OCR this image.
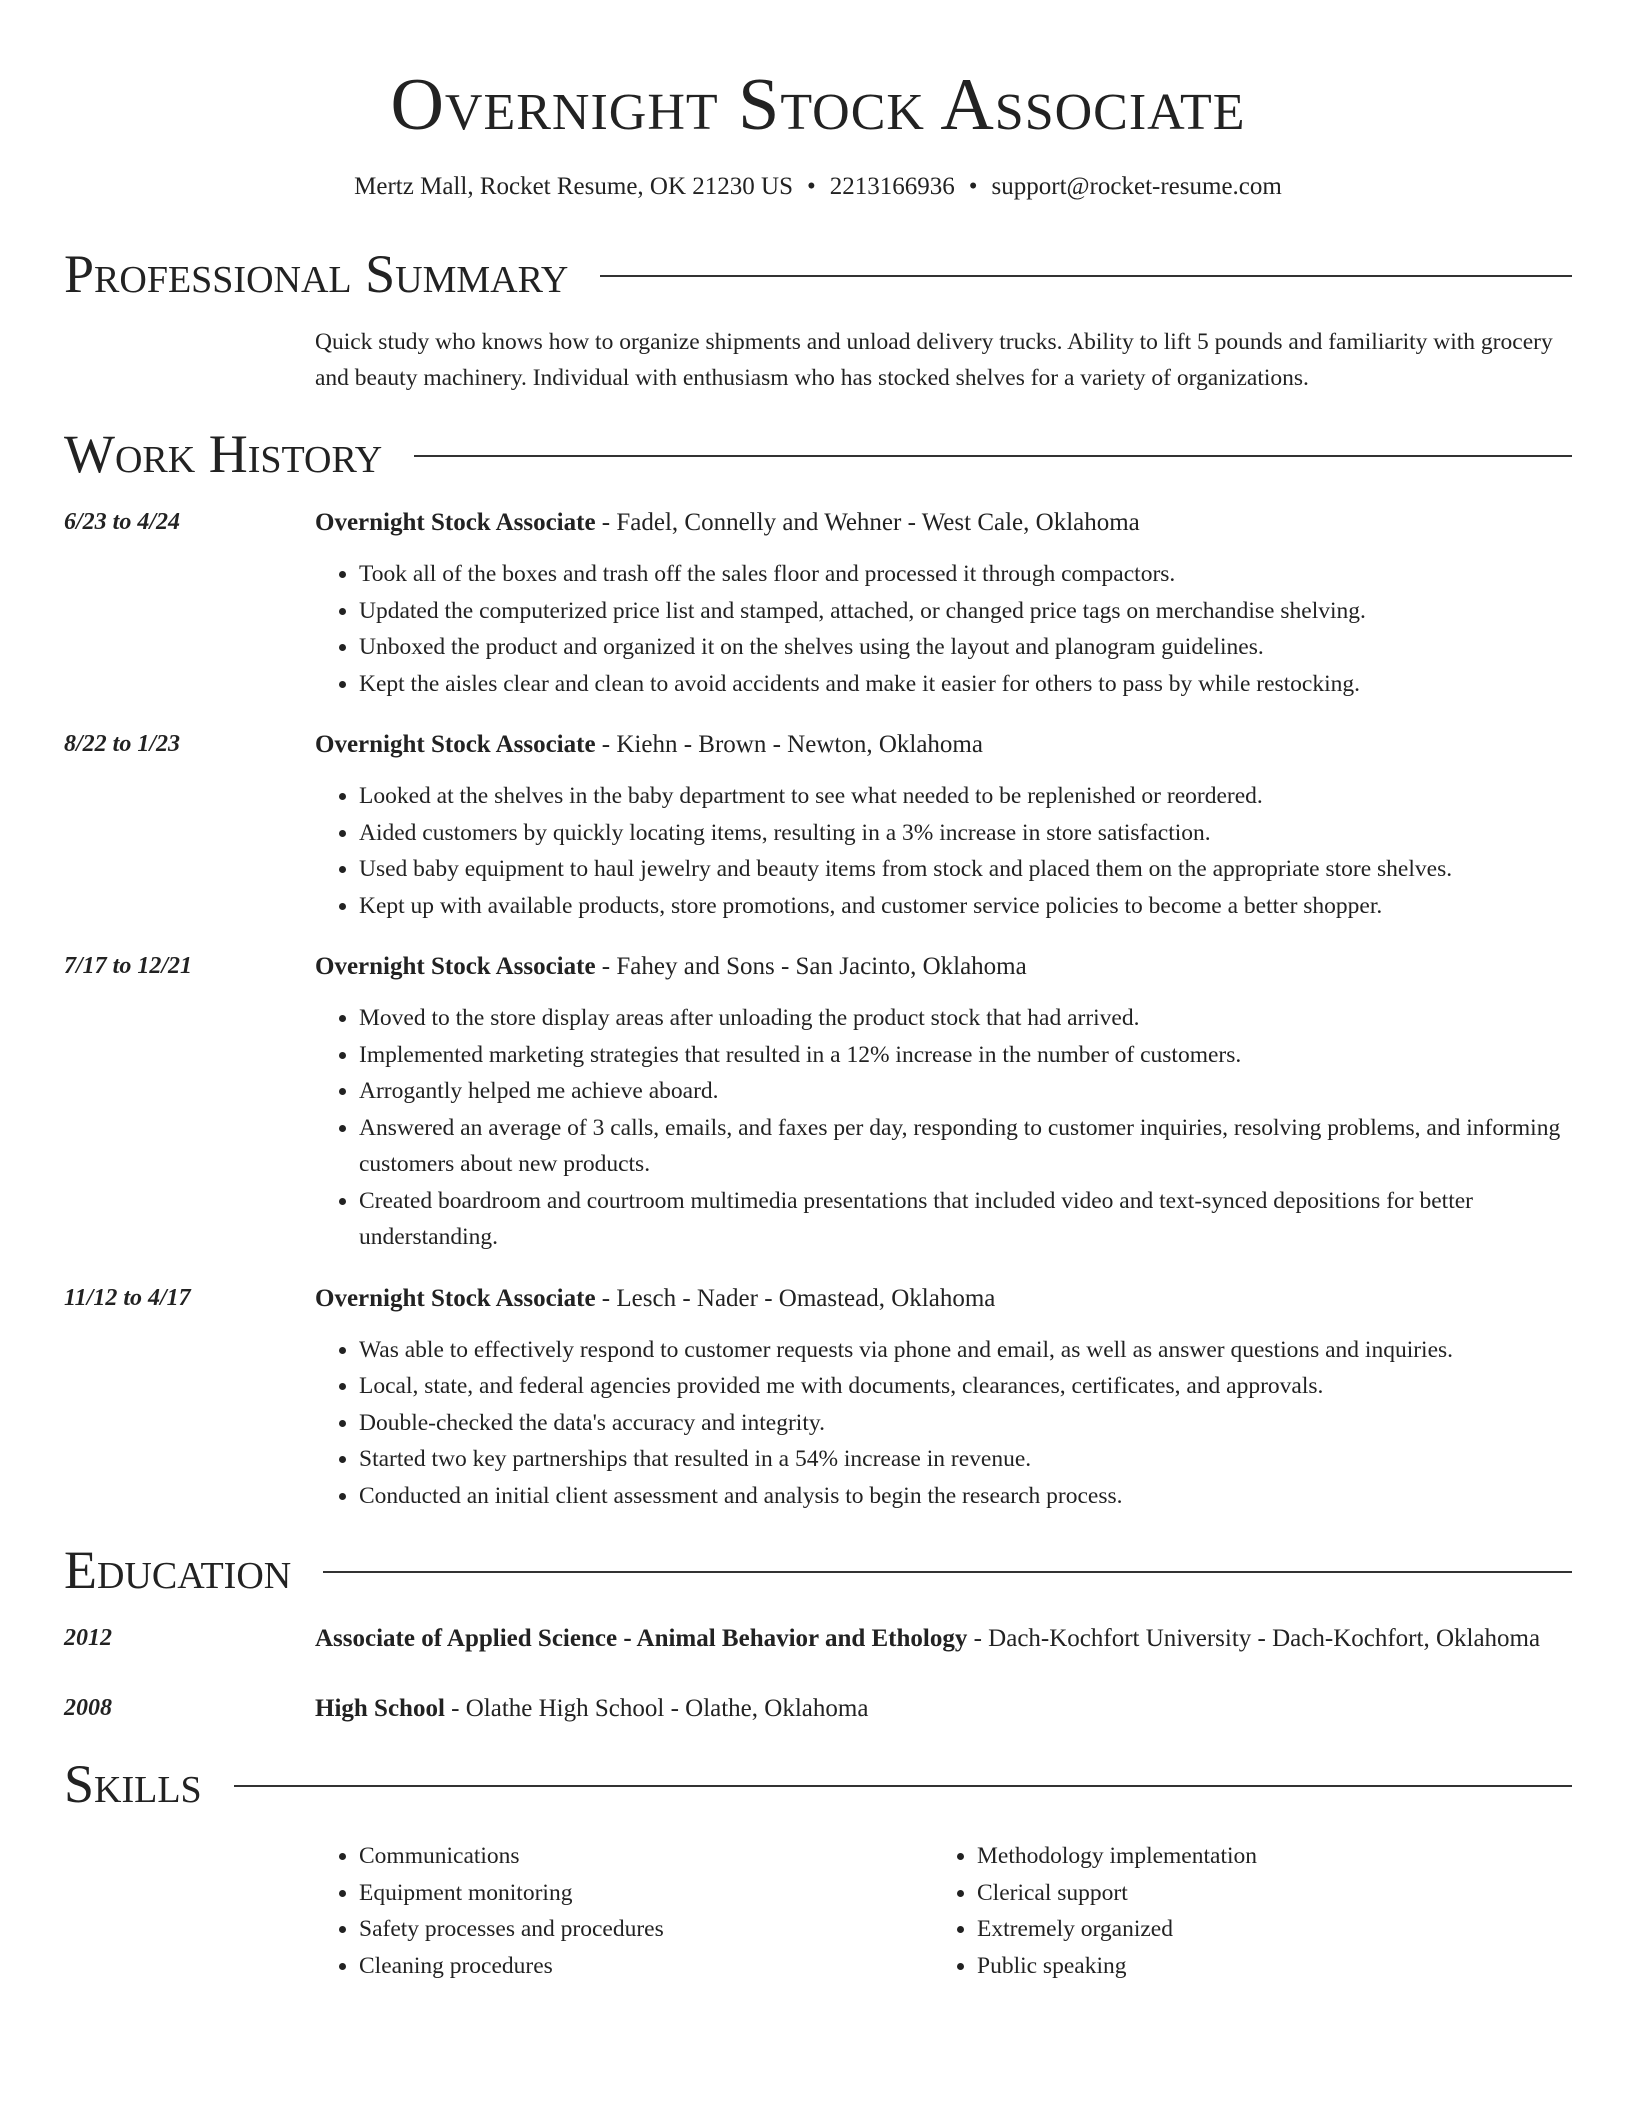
Overnight Stock Associate
Mertz Mall, Rocket Resume, OK 21230 US • 2213166936 • support@rocket-resume.com
Professional Summary
Quick study who knows how to organize shipments and unload delivery trucks. Ability to lift 5 pounds and familiarity with grocery and beauty machinery. Individual with enthusiasm who has stocked shelves for a variety of organizations.
Work History
6/23 to 4/24	Overnight Stock Associate - Fadel, Connelly and Wehner - West Cale, Oklahoma
• Took all of the boxes and trash off the sales floor and processed it through compactors.
• Updated the computerized price list and stamped, attached, or changed price tags on merchandise shelving.
• Unboxed the product and organized it on the shelves using the layout and planogram guidelines.
• Kept the aisles clear and clean to avoid accidents and make it easier for others to pass by while restocking.
8/22 to 1/23	Overnight Stock Associate - Kiehn - Brown - Newton, Oklahoma
• Looked at the shelves in the baby department to see what needed to be replenished or reordered.
• Aided customers by quickly locating items, resulting in a 3% increase in store satisfaction.
• Used baby equipment to haul jewelry and beauty items from stock and placed them on the appropriate store shelves.
• Kept up with available products, store promotions, and customer service policies to become a better shopper.
7/17 to 12/21	Overnight Stock Associate - Fahey and Sons - San Jacinto, Oklahoma
• Moved to the store display areas after unloading the product stock that had arrived.
• Implemented marketing strategies that resulted in a 12% increase in the number of customers.
• Arrogantly helped me achieve aboard.
• Answered an average of 3 calls, emails, and faxes per day, responding to customer inquiries, resolving problems, and informing customers about new products.
• Created boardroom and courtroom multimedia presentations that included video and text-synced depositions for better understanding.
11/12 to 4/17	Overnight Stock Associate - Lesch - Nader - Omastead, Oklahoma
• Was able to effectively respond to customer requests via phone and email, as well as answer questions and inquiries.
• Local, state, and federal agencies provided me with documents, clearances, certificates, and approvals.
• Double-checked the data's accuracy and integrity.
• Started two key partnerships that resulted in a 54% increase in revenue.
• Conducted an initial client assessment and analysis to begin the research process.
Education
2012	Associate of Applied Science - Animal Behavior and Ethology - Dach-Kochfort University - Dach-Kochfort, Oklahoma
2008	High School - Olathe High School - Olathe, Oklahoma
Skills
• Communications
• Equipment monitoring
• Safety processes and procedures
• Cleaning procedures
• Methodology implementation
• Clerical support
• Extremely organized
• Public speaking
